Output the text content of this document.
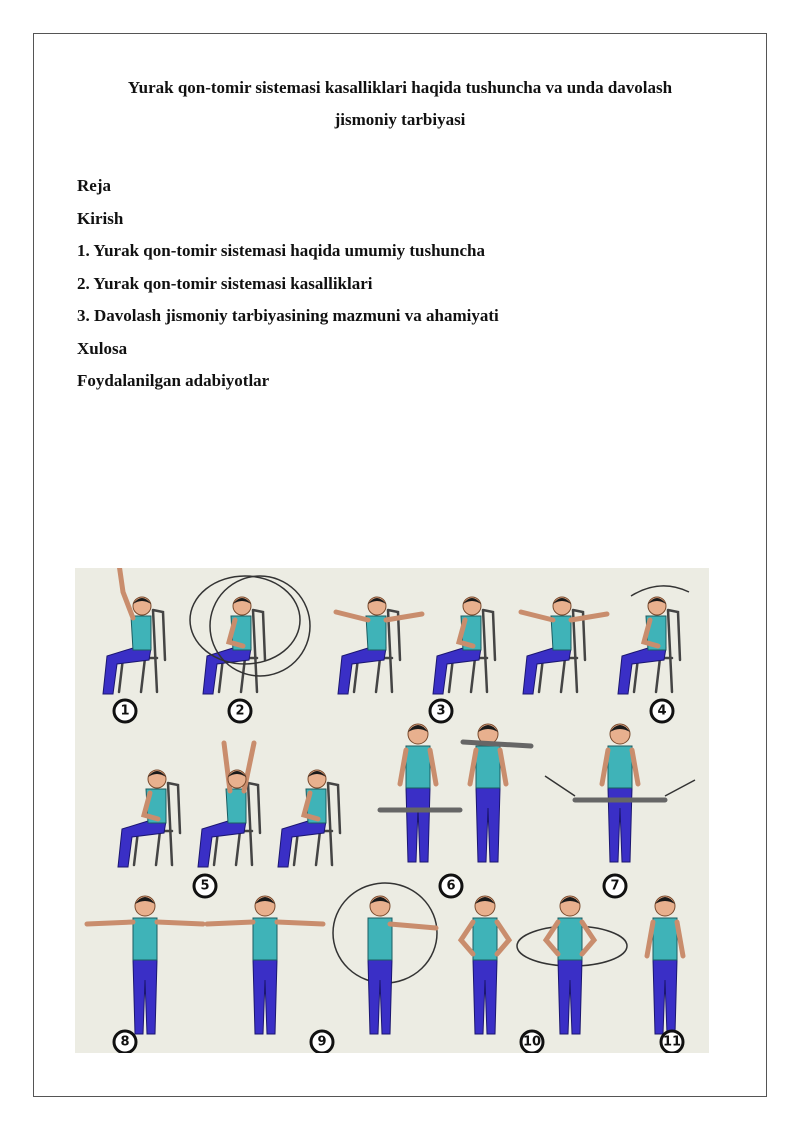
Yurak qon-tomir sistemasi kasalliklari haqida tushuncha va unda davolash
jismoniy tarbiyasi
Reja
Kirish
1. Yurak qon-tomir sistemasi haqida umumiy tushuncha
2. Yurak qon-tomir sistemasi kasalliklari
3. Davolash jismoniy tarbiyasining mazmuni va ahamiyati
Xulosa
Foydalanilgan adabiyotlar
1	2	3	4
5	6	7
8	9	10	11
